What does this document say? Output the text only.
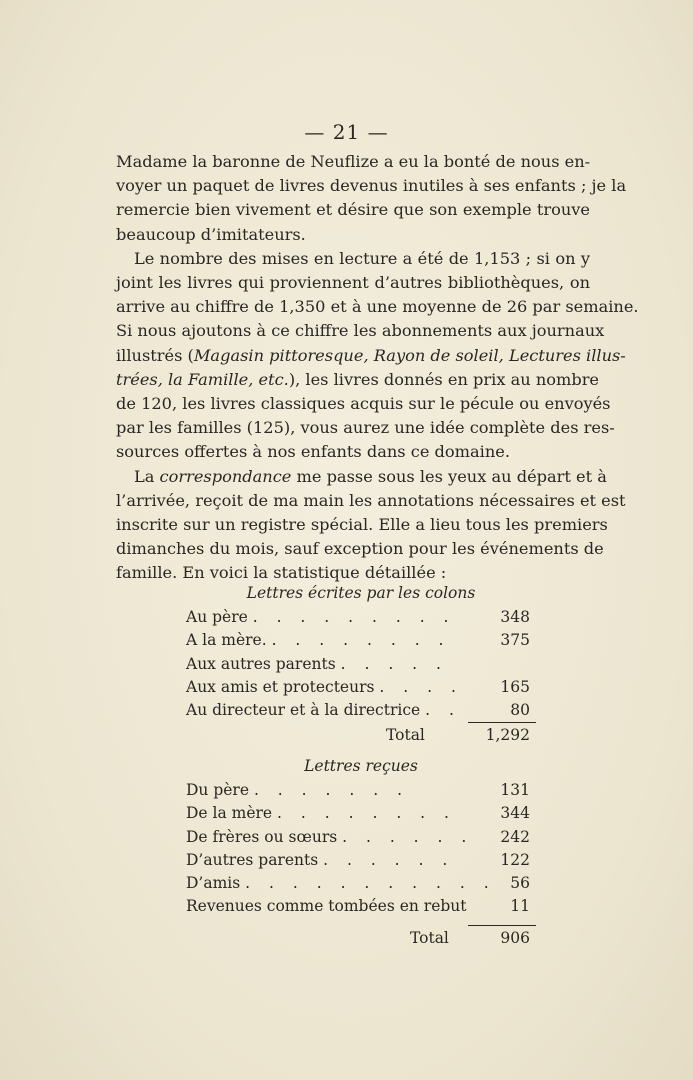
— 21 —

Madame la baronne de Neuflize a eu la bonté de nous en-
voyer un paquet de livres devenus inutiles à ses enfants ; je la
remercie bien vivement et désire que son exemple trouve
beaucoup d’imitateurs.

Le nombre des mises en lecture a été de 1,153 ; si on y
joint les livres qui proviennent d’autres bibliothèques, on
arrive au chiffre de 1,350 et à une moyenne de 26 par semaine.
Si nous ajoutons à ce chiffre les abonnements aux journaux
illustrés (Magasin pittoresque, Rayon de soleil, Lectures illus-
trées, la Famille, etc.), les livres donnés en prix au nombre
de 120, les livres classiques acquis sur le pécule ou envoyés
par les familles (125), vous aurez une idée complète des res-
sources offertes à nos enfants dans ce domaine.

La correspondance me passe sous les yeux au départ et à
l’arrivée, reçoit de ma main les annotations nécessaires et est
inscrite sur un registre spécial. Elle a lieu tous les premiers
dimanches du mois, sauf exception pour les événements de
famille. En voici la statistique détaillée :

Lettres écrites par les colons
Au père . . . . . . . . .	348
A la mère. . . . . . . . .	375
Aux autres parents . . . . .
Aux amis et protecteurs . . . . 165
Au directeur et à la directrice . .	80
Total	1,292
Lettres reçues
Du père . . . . . . .	131
De la mère . . . . . . . .	344
De frères ou sœurs . . . . . . 242
D’autres parents . . . . . .	122
D’amis . . . . . . . . . . . 56
Revenues comme tombées en rebut	11
Total	906
